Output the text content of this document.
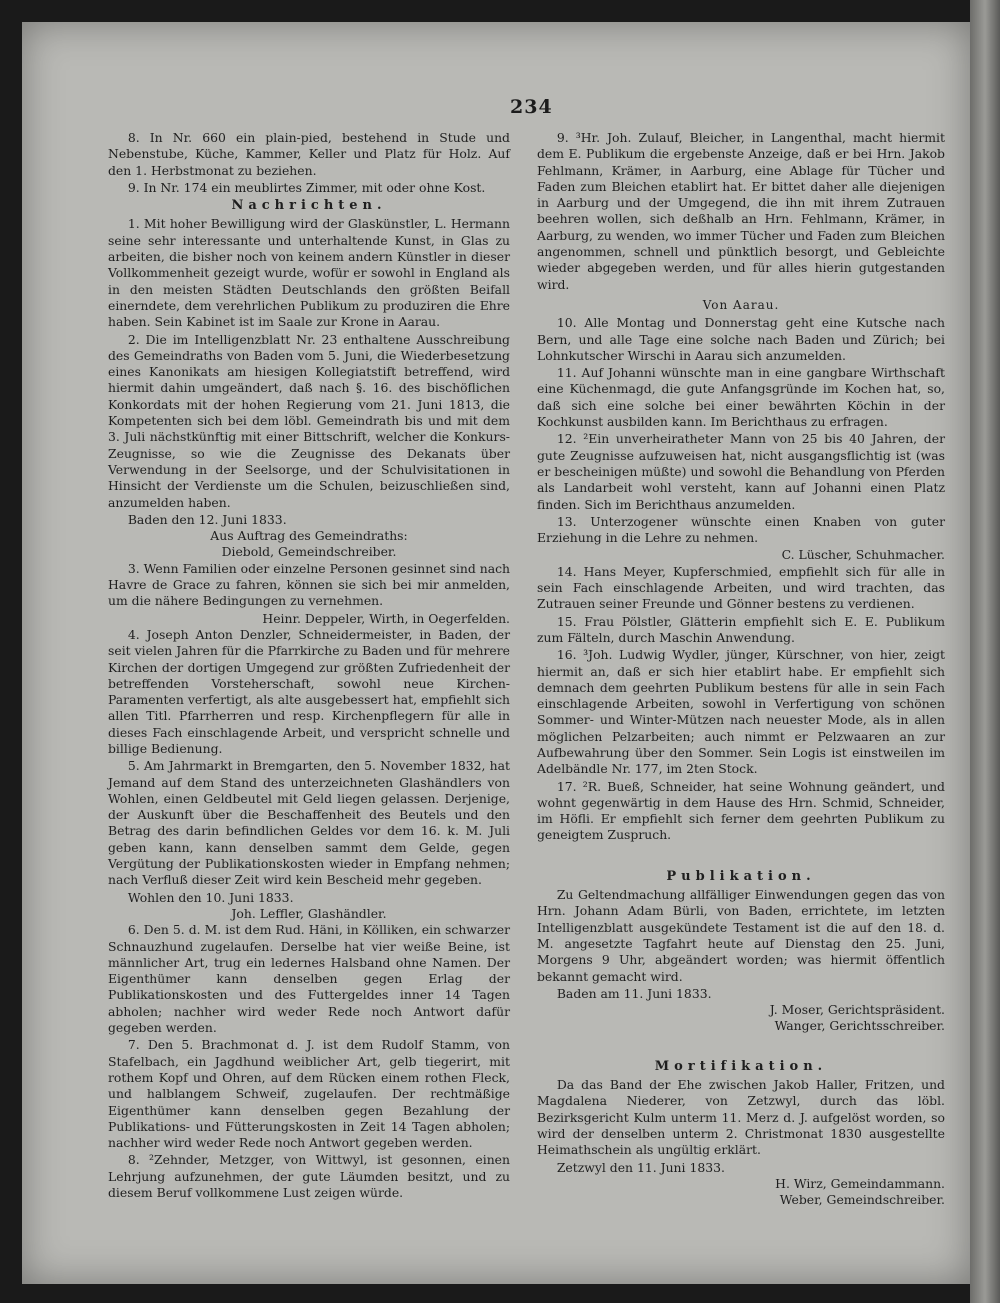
234

8. In Nr. 660 ein plain-pied, bestehend in Stude und Nebenstube, Küche, Kammer, Keller und Platz für Holz. Auf den 1. Herbstmonat zu beziehen.

9. In Nr. 174 ein meublirtes Zimmer, mit oder ohne Kost.

Nachrichten.

1. Mit hoher Bewilligung wird der Glaskünstler, L. Hermann seine sehr interessante und unterhaltende Kunst, in Glas zu arbeiten, die bisher noch von keinem andern Künstler in dieser Vollkommenheit gezeigt wurde, wofür er sowohl in England als in den meisten Städten Deutschlands den größten Beifall einerndete, dem verehrlichen Publikum zu produziren die Ehre haben. Sein Kabinet ist im Saale zur Krone in Aarau.

2. Die im Intelligenzblatt Nr. 23 enthaltene Ausschreibung des Gemeindraths von Baden vom 5. Juni, die Wiederbesetzung eines Kanonikats am hiesigen Kollegiatstift betreffend, wird hiermit dahin umgeändert, daß nach §. 16. des bischöflichen Konkordats mit der hohen Regierung vom 21. Juni 1813, die Kompetenten sich bei dem löbl. Gemeindrath bis und mit dem 3. Juli nächstkünftig mit einer Bittschrift, welcher die Konkurs-Zeugnisse, so wie die Zeugnisse des Dekanats über Verwendung in der Seelsorge, und der Schulvisitationen in Hinsicht der Verdienste um die Schulen, beizuschließen sind, anzumelden haben.

Baden den 12. Juni 1833.

Aus Auftrag des Gemeindraths:

Diebold, Gemeindschreiber.

3. Wenn Familien oder einzelne Personen gesinnet sind nach Havre de Grace zu fahren, können sie sich bei mir anmelden, um die nähere Bedingungen zu vernehmen.

Heinr. Deppeler, Wirth, in Oegerfelden.

4. Joseph Anton Denzler, Schneidermeister, in Baden, der seit vielen Jahren für die Pfarrkirche zu Baden und für mehrere Kirchen der dortigen Umgegend zur größten Zufriedenheit der betreffenden Vorsteherschaft, sowohl neue Kirchen-Paramenten verfertigt, als alte ausgebessert hat, empfiehlt sich allen Titl. Pfarrherren und resp. Kirchenpflegern für alle in dieses Fach einschlagende Arbeit, und verspricht schnelle und billige Bedienung.

5. Am Jahrmarkt in Bremgarten, den 5. November 1832, hat Jemand auf dem Stand des unterzeichneten Glashändlers von Wohlen, einen Geldbeutel mit Geld liegen gelassen. Derjenige, der Auskunft über die Beschaffenheit des Beutels und den Betrag des darin befindlichen Geldes vor dem 16. k. M. Juli geben kann, kann denselben sammt dem Gelde, gegen Vergütung der Publikationskosten wieder in Empfang nehmen; nach Verfluß dieser Zeit wird kein Bescheid mehr gegeben.

Wohlen den 10. Juni 1833.

Joh. Leffler, Glashändler.

6. Den 5. d. M. ist dem Rud. Häni, in Kölliken, ein schwarzer Schnauzhund zugelaufen. Derselbe hat vier weiße Beine, ist männlicher Art, trug ein ledernes Halsband ohne Namen. Der Eigenthümer kann denselben gegen Erlag der Publikationskosten und des Futtergeldes inner 14 Tagen abholen; nachher wird weder Rede noch Antwort dafür gegeben werden.

7. Den 5. Brachmonat d. J. ist dem Rudolf Stamm, von Stafelbach, ein Jagdhund weiblicher Art, gelb tiegerirt, mit rothem Kopf und Ohren, auf dem Rücken einem rothen Fleck, und halblangem Schweif, zugelaufen. Der rechtmäßige Eigenthümer kann denselben gegen Bezahlung der Publikations- und Fütterungskosten in Zeit 14 Tagen abholen; nachher wird weder Rede noch Antwort gegeben werden.

8. ²Zehnder, Metzger, von Wittwyl, ist gesonnen, einen Lehrjung aufzunehmen, der gute Läumden besitzt, und zu diesem Beruf vollkommene Lust zeigen würde.

9. ³Hr. Joh. Zulauf, Bleicher, in Langenthal, macht hiermit dem E. Publikum die ergebenste Anzeige, daß er bei Hrn. Jakob Fehlmann, Krämer, in Aarburg, eine Ablage für Tücher und Faden zum Bleichen etablirt hat. Er bittet daher alle diejenigen in Aarburg und der Umgegend, die ihn mit ihrem Zutrauen beehren wollen, sich deßhalb an Hrn. Fehlmann, Krämer, in Aarburg, zu wenden, wo immer Tücher und Faden zum Bleichen angenommen, schnell und pünktlich besorgt, und Gebleichte wieder abgegeben werden, und für alles hierin gutgestanden wird.

Von Aarau.

10. Alle Montag und Donnerstag geht eine Kutsche nach Bern, und alle Tage eine solche nach Baden und Zürich; bei Lohnkutscher Wirschi in Aarau sich anzumelden.

11. Auf Johanni wünschte man in eine gangbare Wirthschaft eine Küchenmagd, die gute Anfangsgründe im Kochen hat, so, daß sich eine solche bei einer bewährten Köchin in der Kochkunst ausbilden kann. Im Berichthaus zu erfragen.

12. ²Ein unverheiratheter Mann von 25 bis 40 Jahren, der gute Zeugnisse aufzuweisen hat, nicht ausgangsflichtig ist (was er bescheinigen müßte) und sowohl die Behandlung von Pferden als Landarbeit wohl versteht, kann auf Johanni einen Platz finden. Sich im Berichthaus anzumelden.

13. Unterzogener wünschte einen Knaben von guter Erziehung in die Lehre zu nehmen.

C. Lüscher, Schuhmacher.

14. Hans Meyer, Kupferschmied, empfiehlt sich für alle in sein Fach einschlagende Arbeiten, und wird trachten, das Zutrauen seiner Freunde und Gönner bestens zu verdienen.

15. Frau Pölstler, Glätterin empfiehlt sich E. E. Publikum zum Fälteln, durch Maschin Anwendung.

16. ³Joh. Ludwig Wydler, jünger, Kürschner, von hier, zeigt hiermit an, daß er sich hier etablirt habe. Er empfiehlt sich demnach dem geehrten Publikum bestens für alle in sein Fach einschlagende Arbeiten, sowohl in Verfertigung von schönen Sommer- und Winter-Mützen nach neuester Mode, als in allen möglichen Pelzarbeiten; auch nimmt er Pelzwaaren an zur Aufbewahrung über den Sommer. Sein Logis ist einstweilen im Adelbändle Nr. 177, im 2ten Stock.

17. ²R. Bueß, Schneider, hat seine Wohnung geändert, und wohnt gegenwärtig in dem Hause des Hrn. Schmid, Schneider, im Höfli. Er empfiehlt sich ferner dem geehrten Publikum zu geneigtem Zuspruch.

Publikation.

Zu Geltendmachung allfälliger Einwendungen gegen das von Hrn. Johann Adam Bürli, von Baden, errichtete, im letzten Intelligenzblatt ausgekündete Testament ist die auf den 18. d. M. angesetzte Tagfahrt heute auf Dienstag den 25. Juni, Morgens 9 Uhr, abgeändert worden; was hiermit öffentlich bekannt gemacht wird.

Baden am 11. Juni 1833.

J. Moser, Gerichtspräsident.

Wanger, Gerichtsschreiber.

Mortifikation.

Da das Band der Ehe zwischen Jakob Haller, Fritzen, und Magdalena Niederer, von Zetzwyl, durch das löbl. Bezirksgericht Kulm unterm 11. Merz d. J. aufgelöst worden, so wird der denselben unterm 2. Christmonat 1830 ausgestellte Heimathschein als ungültig erklärt.

Zetzwyl den 11. Juni 1833.

H. Wirz, Gemeindammann.

Weber, Gemeindschreiber.
